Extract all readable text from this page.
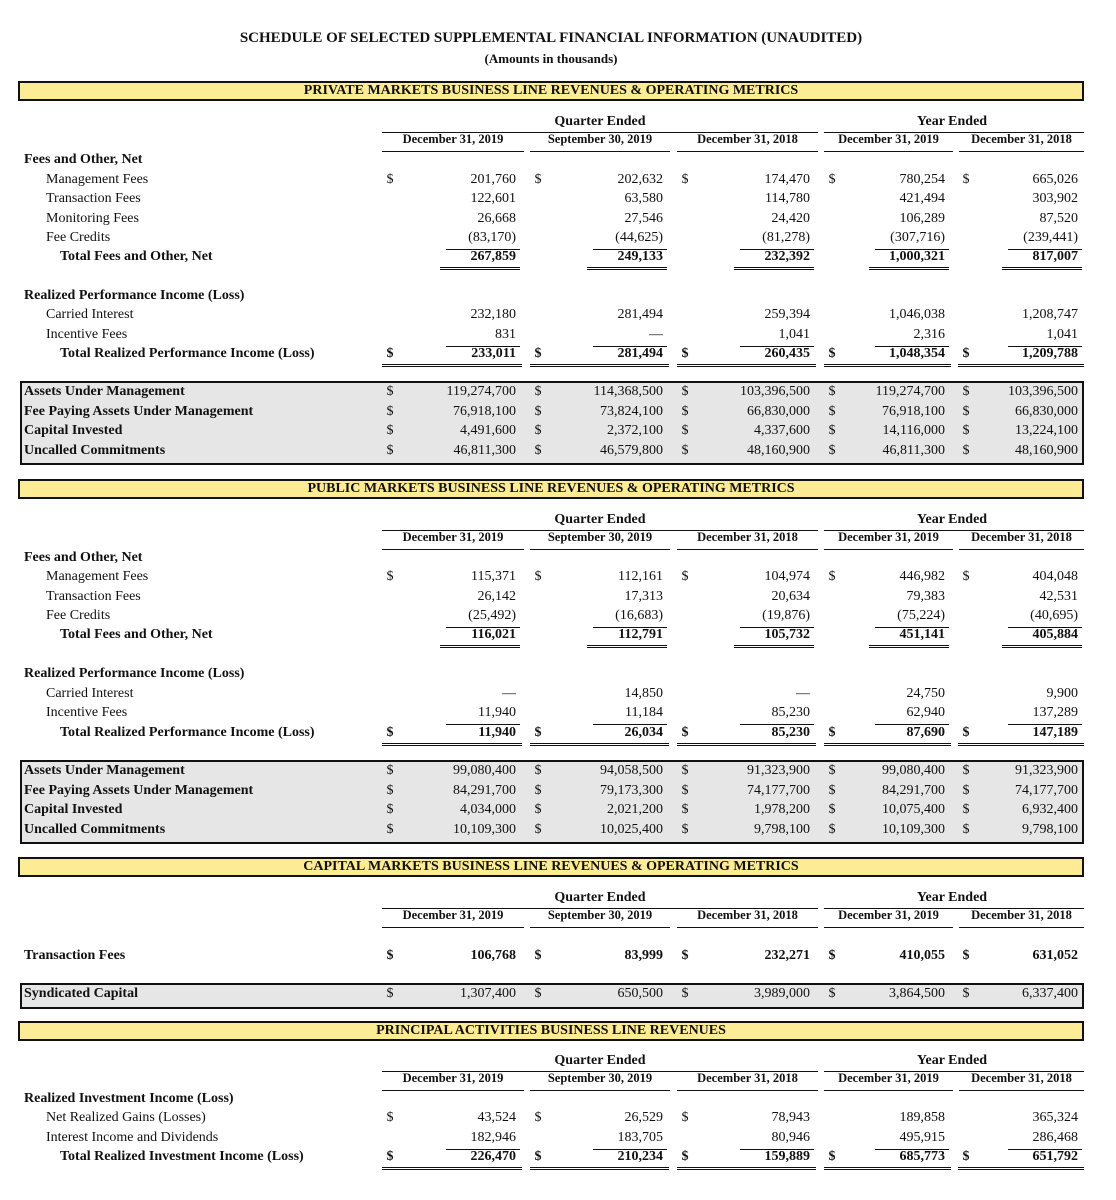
SCHEDULE OF SELECTED SUPPLEMENTAL FINANCIAL INFORMATION (UNAUDITED)
(Amounts in thousands)
PRIVATE MARKETS BUSINESS LINE REVENUES & OPERATING METRICS
Quarter Ended	Year Ended
December 31, 2019	September 30, 2019	December 31, 2018	December 31, 2019	December 31, 2018
Fees and Other, Net
Management Fees	$	201,760 $	202,632 $	174,470 $	780,254 $	665,026
Transaction Fees	122,601	63,580	114,780	421,494	303,902
Monitoring Fees	26,668	27,546	24,420	106,289	87,520
Fee Credits	(83,170)	(44,625)	(81,278)	(307,716)	(239,441)
Total Fees and Other, Net	267,859	249,133	232,392	1,000,321	817,007
Realized Performance Income (Loss)
Carried Interest	232,180	281,494	259,394	1,046,038	1,208,747
Incentive Fees	831	—	1,041	2,316	1,041
Total Realized Performance Income (Loss)	$	233,011 $	281,494 $	260,435 $	1,048,354 $	1,209,788
Assets Under Management	$	119,274,700 $	114,368,500 $	103,396,500 $	119,274,700 $	103,396,500
Fee Paying Assets Under Management	$	76,918,100 $	73,824,100 $	66,830,000 $	76,918,100 $	66,830,000
Capital Invested	$	4,491,600 $	2,372,100 $	4,337,600 $	14,116,000 $	13,224,100
Uncalled Commitments	$	46,811,300 $	46,579,800 $	48,160,900 $	46,811,300 $	48,160,900
PUBLIC MARKETS BUSINESS LINE REVENUES & OPERATING METRICS
Quarter Ended	Year Ended
December 31, 2019	September 30, 2019	December 31, 2018	December 31, 2019	December 31, 2018
Fees and Other, Net
Management Fees	$	115,371 $	112,161 $	104,974 $	446,982 $	404,048
Transaction Fees	26,142	17,313	20,634	79,383	42,531
Fee Credits	(25,492)	(16,683)	(19,876)	(75,224)	(40,695)
Total Fees and Other, Net	116,021	112,791	105,732	451,141	405,884
Realized Performance Income (Loss)
Carried Interest	—	14,850	—	24,750	9,900
Incentive Fees	11,940	11,184	85,230	62,940	137,289
Total Realized Performance Income (Loss)	$	11,940 $	26,034 $	85,230 $	87,690 $	147,189
Assets Under Management	$	99,080,400 $	94,058,500 $	91,323,900 $	99,080,400 $	91,323,900
Fee Paying Assets Under Management	$	84,291,700 $	79,173,300 $	74,177,700 $	84,291,700 $	74,177,700
Capital Invested	$	4,034,000 $	2,021,200 $	1,978,200 $	10,075,400 $	6,932,400
Uncalled Commitments	$	10,109,300 $	10,025,400 $	9,798,100 $	10,109,300 $	9,798,100
CAPITAL MARKETS BUSINESS LINE REVENUES & OPERATING METRICS
Quarter Ended	Year Ended
December 31, 2019	September 30, 2019	December 31, 2018	December 31, 2019	December 31, 2018
Transaction Fees	$	106,768 $	83,999 $	232,271 $	410,055 $	631,052
Syndicated Capital	$	1,307,400 $	650,500 $	3,989,000 $	3,864,500 $	6,337,400
PRINCIPAL ACTIVITIES BUSINESS LINE REVENUES
Quarter Ended	Year Ended
December 31, 2019	September 30, 2019	December 31, 2018	December 31, 2019	December 31, 2018
Realized Investment Income (Loss)
Net Realized Gains (Losses)	$	43,524 $	26,529 $	78,943	189,858	365,324
Interest Income and Dividends	182,946	183,705	80,946	495,915	286,468
Total Realized Investment Income (Loss)	$	226,470 $	210,234 $	159,889 $	685,773 $	651,792
